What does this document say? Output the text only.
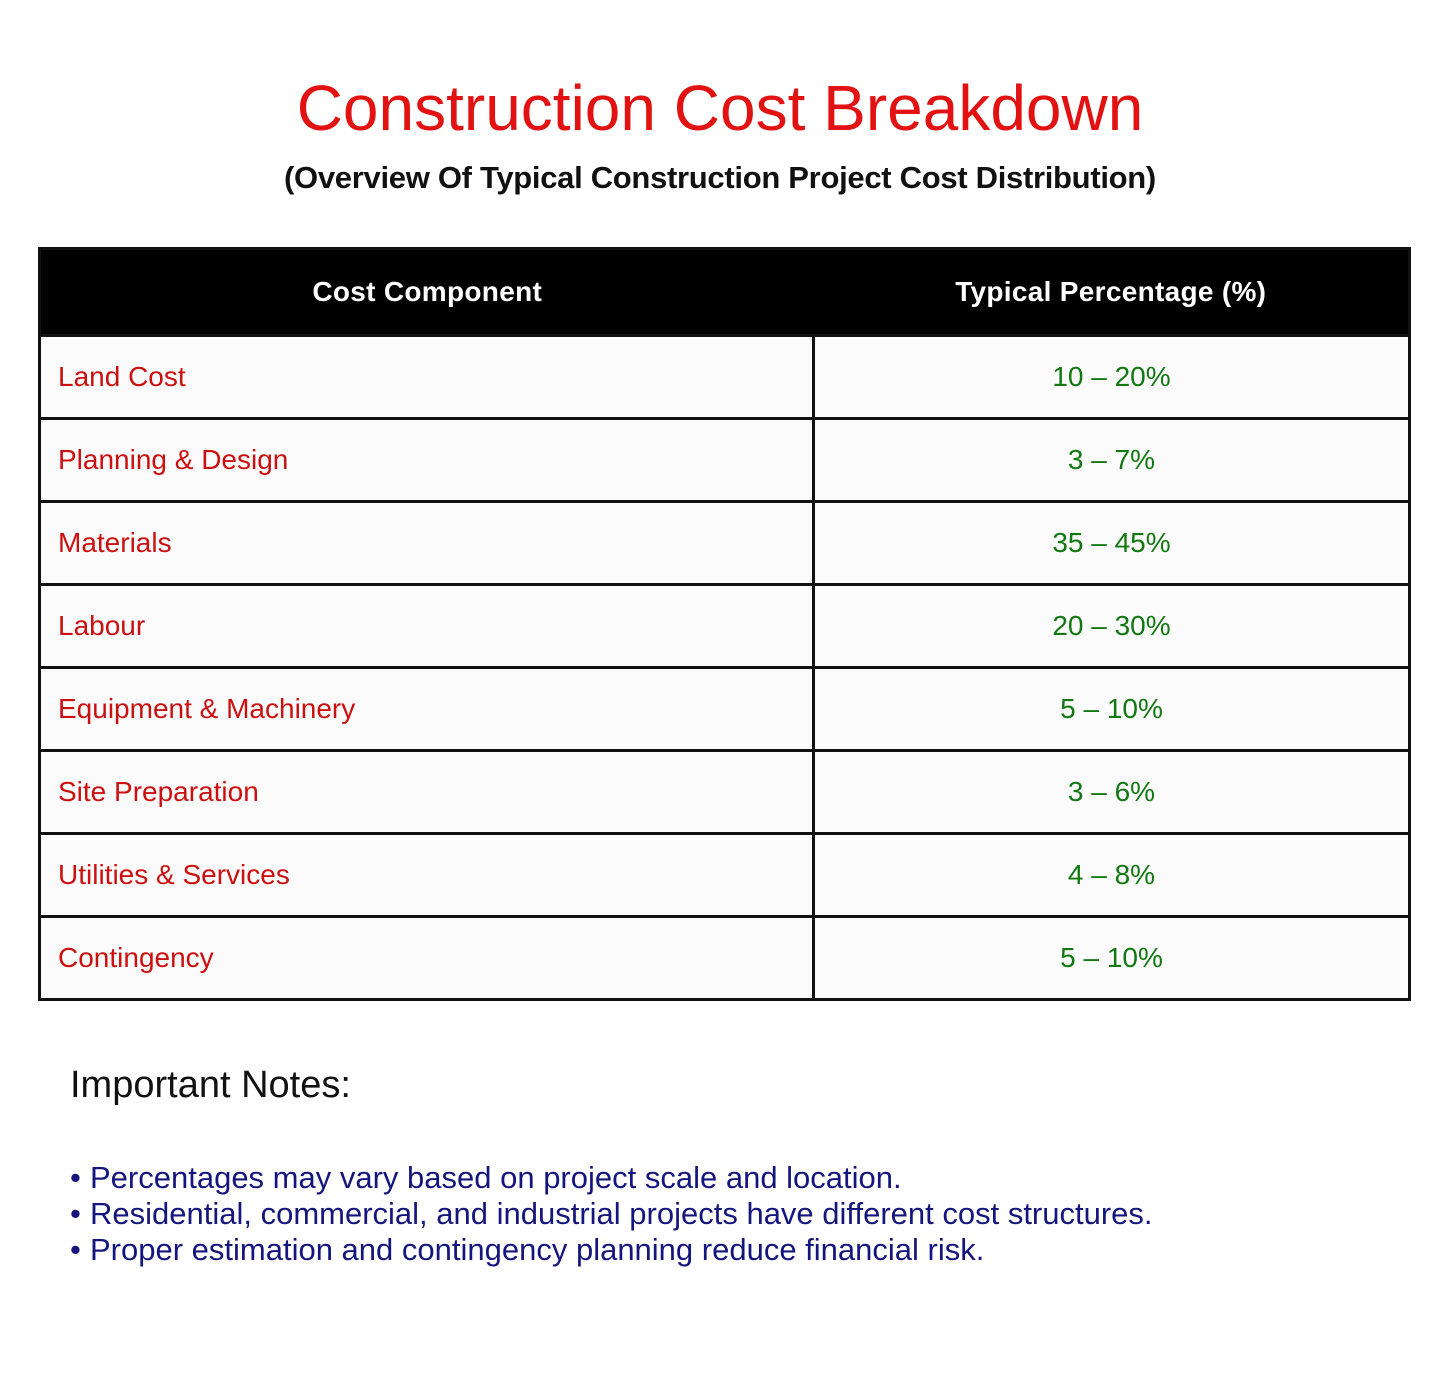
Construction Cost Breakdown

(Overview Of Typical Construction Project Cost Distribution)

Cost Component	Typical Percentage (%)
Land Cost	10 – 20%
Planning & Design	3 – 7%
Materials	35 – 45%
Labour	20 – 30%
Equipment & Machinery	5 – 10%
Site Preparation	3 – 6%
Utilities & Services	4 – 8%
Contingency	5 – 10%
Important Notes:
• Percentages may vary based on project scale and location.
• Residential, commercial, and industrial projects have different cost structures.
• Proper estimation and contingency planning reduce financial risk.
